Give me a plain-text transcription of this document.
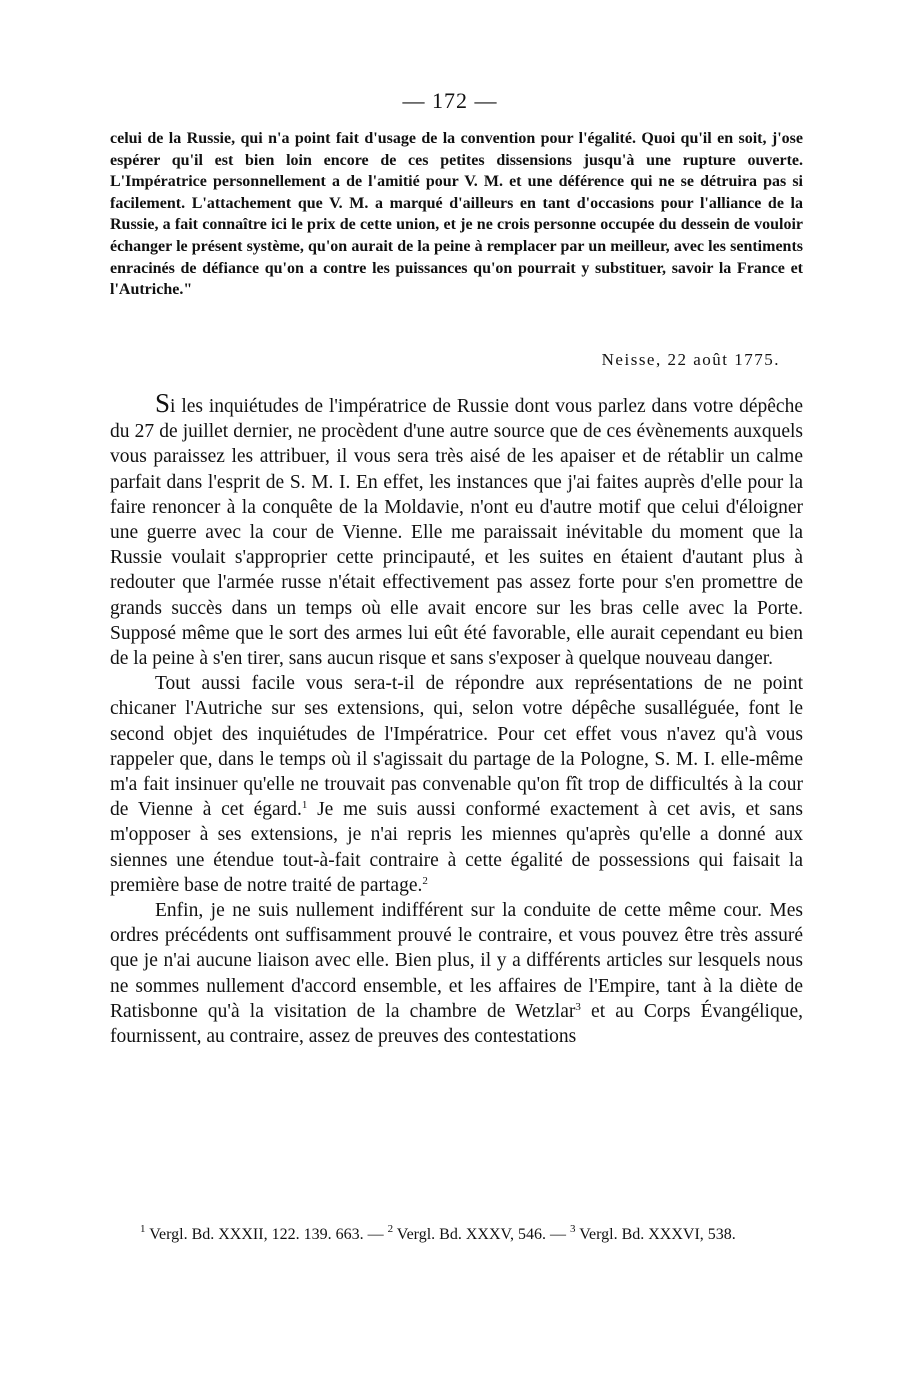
— 172 —

celui de la Russie, qui n'a point fait d'usage de la convention pour l'égalité. Quoi qu'il en soit, j'ose espérer qu'il est bien loin encore de ces petites dissensions jusqu'à une rupture ouverte. L'Impératrice personnellement a de l'amitié pour V. M. et une déférence qui ne se détruira pas si facilement. L'attachement que V. M. a marqué d'ailleurs en tant d'occasions pour l'alliance de la Russie, a fait connaître ici le prix de cette union, et je ne crois personne occupée du dessein de vouloir échanger le présent système, qu'on aurait de la peine à remplacer par un meilleur, avec les sentiments enracinés de défiance qu'on a contre les puissances qu'on pourrait y substituer, savoir la France et l'Autriche."

Neisse, 22 août 1775.

Si les inquiétudes de l'impératrice de Russie dont vous parlez dans votre dépêche du 27 de juillet dernier, ne procèdent d'une autre source que de ces évènements auxquels vous paraissez les attribuer, il vous sera très aisé de les apaiser et de rétablir un calme parfait dans l'esprit de S. M. I. En effet, les instances que j'ai faites auprès d'elle pour la faire renoncer à la conquête de la Moldavie, n'ont eu d'autre motif que celui d'éloigner une guerre avec la cour de Vienne. Elle me paraissait inévitable du moment que la Russie voulait s'approprier cette principauté, et les suites en étaient d'autant plus à redouter que l'armée russe n'était effectivement pas assez forte pour s'en promettre de grands succès dans un temps où elle avait encore sur les bras celle avec la Porte. Supposé même que le sort des armes lui eût été favorable, elle aurait cependant eu bien de la peine à s'en tirer, sans aucun risque et sans s'exposer à quelque nouveau danger.

Tout aussi facile vous sera-t-il de répondre aux représentations de ne point chicaner l'Autriche sur ses extensions, qui, selon votre dépêche susalléguée, font le second objet des inquiétudes de l'Impératrice. Pour cet effet vous n'avez qu'à vous rappeler que, dans le temps où il s'agissait du partage de la Pologne, S. M. I. elle-même m'a fait insinuer qu'elle ne trouvait pas convenable qu'on fît trop de difficultés à la cour de Vienne à cet égard.$^1$ Je me suis aussi conformé exactement à cet avis, et sans m'opposer à ses extensions, je n'ai repris les miennes qu'après qu'elle a donné aux siennes une étendue tout-à-fait contraire à cette égalité de possessions qui faisait la première base de notre traité de partage.$^2$

Enfin, je ne suis nullement indifférent sur la conduite de cette même cour. Mes ordres précédents ont suffisamment prouvé le contraire, et vous pouvez être très assuré que je n'ai aucune liaison avec elle. Bien plus, il y a différents articles sur lesquels nous ne sommes nullement d'accord ensemble, et les affaires de l'Empire, tant à la diète de Ratisbonne qu'à la visitation de la chambre de Wetzlar$^3$ et au Corps Évangélique, fournissent, au contraire, assez de preuves des contestations

$^1$ Vergl. Bd. XXXII, 122. 139. 663. — $^2$ Vergl. Bd. XXXV, 546. — $^3$ Vergl. Bd. XXXVI, 538.
